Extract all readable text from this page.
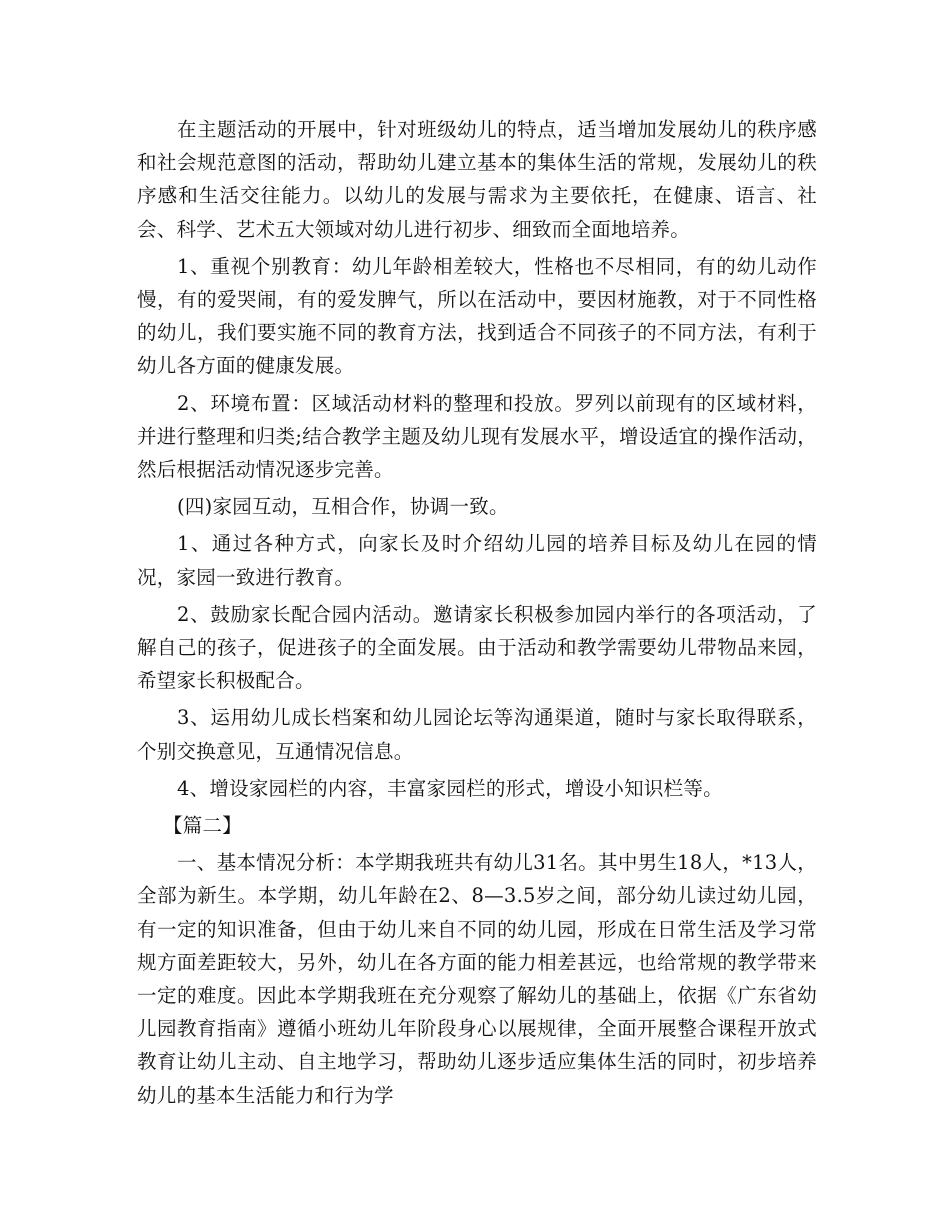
在主题活动的开展中，针对班级幼儿的特点，适当增加发展幼儿的秩序感和社会规范意图的活动，帮助幼儿建立基本的集体生活的常规，发展幼儿的秩序感和生活交往能力。以幼儿的发展与需求为主要依托，在健康、语言、社会、科学、艺术五大领域对幼儿进行初步、细致而全面地培养。

1、重视个别教育：幼儿年龄相差较大，性格也不尽相同，有的幼儿动作慢，有的爱哭闹，有的爱发脾气，所以在活动中，要因材施教，对于不同性格的幼儿，我们要实施不同的教育方法，找到适合不同孩子的不同方法，有利于幼儿各方面的健康发展。

2、环境布置：区域活动材料的整理和投放。罗列以前现有的区域材料，并进行整理和归类;结合教学主题及幼儿现有发展水平，增设适宜的操作活动，然后根据活动情况逐步完善。

(四)家园互动，互相合作，协调一致。

1、通过各种方式，向家长及时介绍幼儿园的培养目标及幼儿在园的情况，家园一致进行教育。

2、鼓励家长配合园内活动。邀请家长积极参加园内举行的各项活动，了解自己的孩子，促进孩子的全面发展。由于活动和教学需要幼儿带物品来园，希望家长积极配合。

3、运用幼儿成长档案和幼儿园论坛等沟通渠道，随时与家长取得联系，个别交换意见，互通情况信息。

4、增设家园栏的内容，丰富家园栏的形式，增设小知识栏等。

【篇二】

一、基本情况分析：本学期我班共有幼儿31名。其中男生18人，*13人，全部为新生。本学期，幼儿年龄在2、8—3.5岁之间，部分幼儿读过幼儿园，有一定的知识准备，但由于幼儿来自不同的幼儿园，形成在日常生活及学习常规方面差距较大，另外，幼儿在各方面的能力相差甚远，也给常规的教学带来一定的难度。因此本学期我班在充分观察了解幼儿的基础上，依据《广东省幼儿园教育指南》遵循小班幼儿年阶段身心以展规律，全面开展整合课程开放式教育让幼儿主动、自主地学习，帮助幼儿逐步适应集体生活的同时，初步培养幼儿的基本生活能力和行为学
